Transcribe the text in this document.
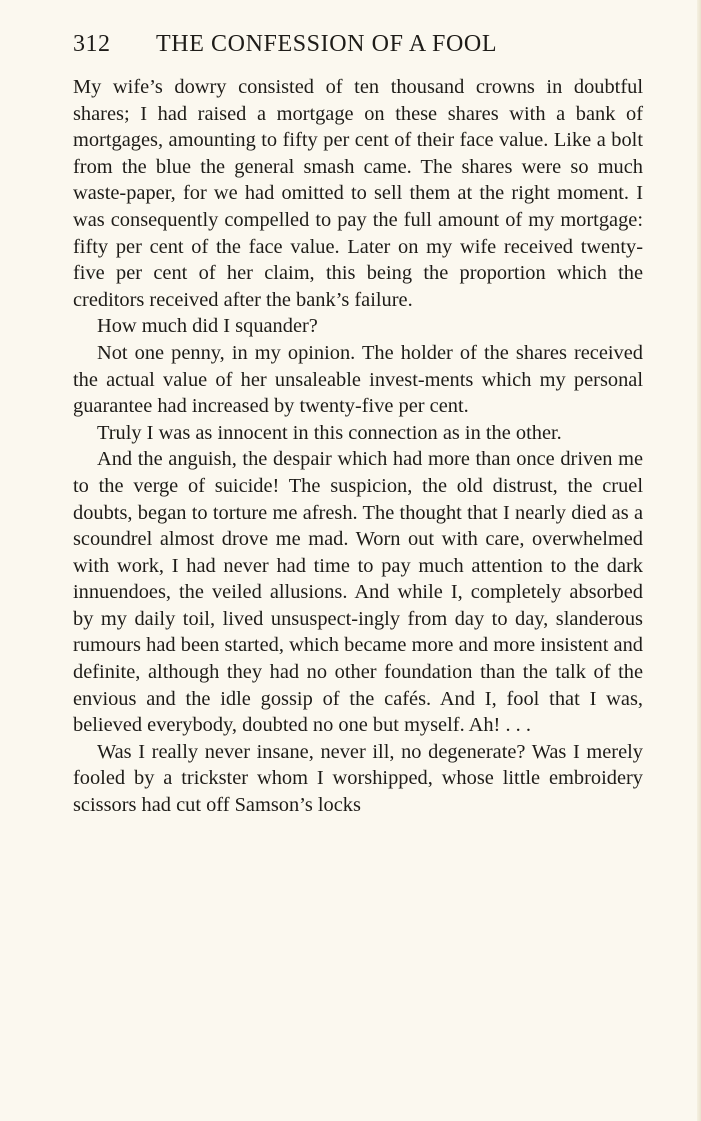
312 THE CONFESSION OF A FOOL

My wife’s dowry consisted of ten thousand crowns in doubtful shares; I had raised a mortgage on these shares with a bank of mortgages, amounting to fifty per cent of their face value. Like a bolt from the blue the general smash came. The shares were so much waste-paper, for we had omitted to sell them at the right moment. I was consequently compelled to pay the full amount of my mortgage: fifty per cent of the face value. Later on my wife received twenty-five per cent of her claim, this being the proportion which the creditors received after the bank’s failure.

How much did I squander?

Not one penny, in my opinion. The holder of the shares received the actual value of her unsaleable invest-ments which my personal guarantee had increased by twenty-five per cent.

Truly I was as innocent in this connection as in the other.

And the anguish, the despair which had more than once driven me to the verge of suicide! The suspicion, the old distrust, the cruel doubts, began to torture me afresh. The thought that I nearly died as a scoundrel almost drove me mad. Worn out with care, overwhelmed with work, I had never had time to pay much attention to the dark innuendoes, the veiled allusions. And while I, completely absorbed by my daily toil, lived unsuspect-ingly from day to day, slanderous rumours had been started, which became more and more insistent and definite, although they had no other foundation than the talk of the envious and the idle gossip of the cafés. And I, fool that I was, believed everybody, doubted no one but myself. Ah! . . .

Was I really never insane, never ill, no degenerate? Was I merely fooled by a trickster whom I worshipped, whose little embroidery scissors had cut off Samson’s locks
